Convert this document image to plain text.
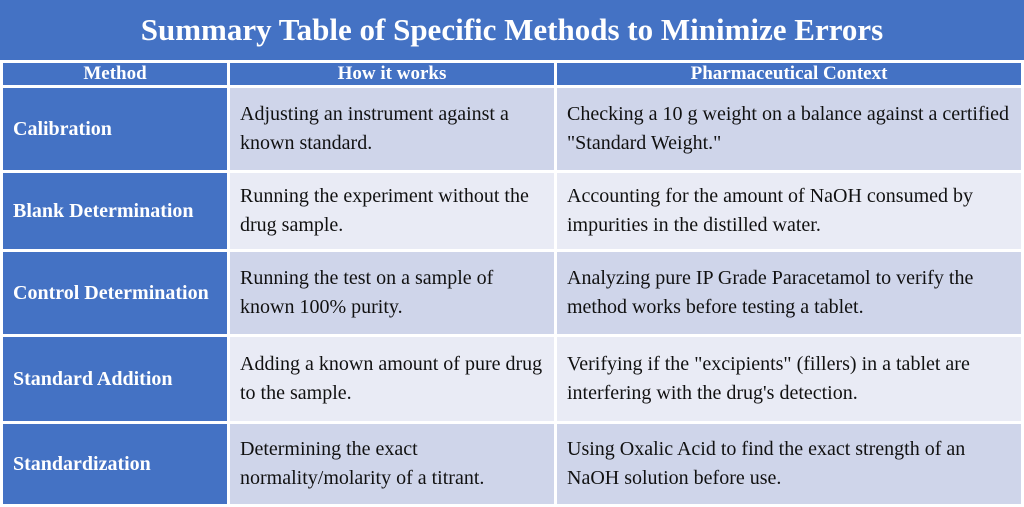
Summary Table of Specific Methods to Minimize Errors
Method	How it works	Pharmaceutical Context
Calibration	Adjusting an instrument against a known standard.	Checking a 10 g weight on a balance against a certified "Standard Weight."
Blank Determination	Running the experiment without the drug sample.	Accounting for the amount of NaOH consumed by impurities in the distilled water.
Control Determination	Running the test on a sample of known 100% purity.	Analyzing pure IP Grade Paracetamol to verify the method works before testing a tablet.
Standard Addition	Adding a known amount of pure drug to the sample.	Verifying if the "excipients" (fillers) in a tablet are interfering with the drug's detection.
Standardization	Determining the exact normality/molarity of a titrant.	Using Oxalic Acid to find the exact strength of an NaOH solution before use.
